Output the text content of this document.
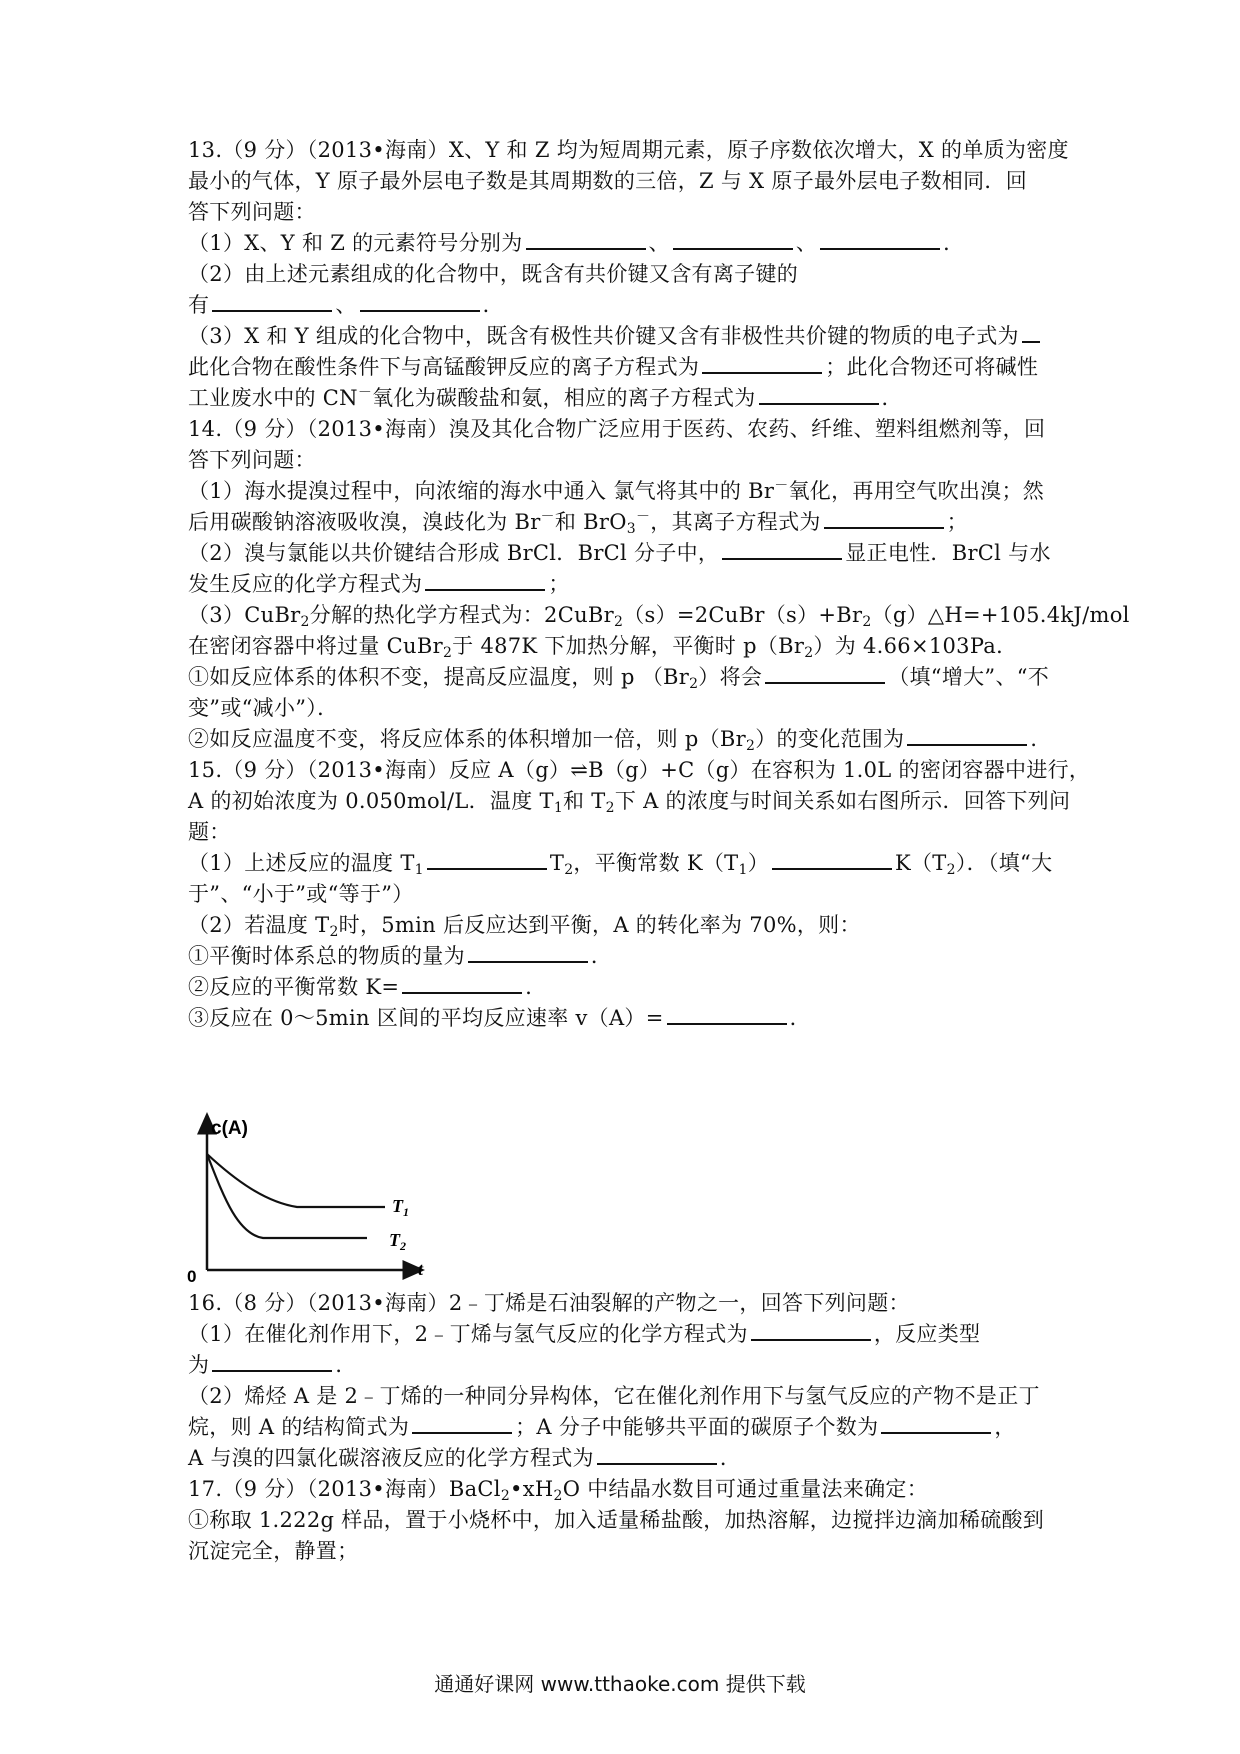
13.（9 分）（2013•海南）X、Y 和 Z 均为短周期元素，原子序数依次增大，X 的单质为密度
最小的气体，Y 原子最外层电子数是其周期数的三倍，Z 与 X 原子最外层电子数相同．回
答下列问题：
（1）X、Y 和 Z 的元素符号分别为	、	、	．
（2）由上述元素组成的化合物中，既含有共价键又含有离子键的
有	、	．
（3）X 和 Y 组成的化合物中，既含有极性共价键又含有非极性共价键的物质的电子式为
此化合物在酸性条件下与高锰酸钾反应的离子方程式为	；此化合物还可将碱性
工业废水中的 CN－氧化为碳酸盐和氨，相应的离子方程式为	．
14.（9 分）（2013•海南）溴及其化合物广泛应用于医药、农药、纤维、塑料组燃剂等，回
答下列问题：
（1）海水提溴过程中，向浓缩的海水中通入 氯气将其中的 Br－氧化，再用空气吹出溴；然
后用碳酸钠溶液吸收溴，溴歧化为 Br－和 BrO$_3$－，其离子方程式为	；
（2）溴与氯能以共价键结合形成 BrCl．BrCl 分子中，	显正电性．BrCl 与水
发生反应的化学方程式为	；
（3）CuBr$_2$分解的热化学方程式为：$2CuBr_2(s)=2CuBr(s)+Br_2(g)\triangle H=+105.4kJ$/mol
在密闭容器中将过量 CuBr$_2$于 487K 下加热分解，平衡时 $p(Br_2)$为 4.66×103Pa．
①如反应体系的体积不变，提高反应温度，则 p $(Br_2)$将会	（填“增大”、“不
变”或“减小”）．
②如反应温度不变，将反应体系的体积增加一倍，则 $p(Br_2)$的变化范围为	．
15.（9 分）（2013•海南）反应 A（g）⇌B（g）+C（g）在容积为 1.0L 的密闭容器中进行，
A 的初始浓度为 0.050mol/L．温度 $T_1$和 $T_2$下 A 的浓度与时间关系如右图所示．回答下列问
题：
（1）上述反应的温度 $T_1$	$T_2$，平衡常数 $K(T_1)$	$K(T_2)$．（填“大
于”、“小于”或“等于”）
（2）若温度 $T_2$时，5min 后反应达到平衡，A 的转化率为 70%，则：
①平衡时体系总的物质的量为	．
②反应的平衡常数 K=	．
③反应在 0～5min 区间的平均反应速率 v（A）=	．
c(A)
t
0
$T_1$
$T_2$
16.（8 分）（2013•海南）2﹣丁烯是石油裂解的产物之一，回答下列问题：
（1）在催化剂作用下，2﹣丁烯与氢气反应的化学方程式为	，反应类型
为	．
（2）烯烃 A 是 2﹣丁烯的一种同分异构体，它在催化剂作用下与氢气反应的产物不是正丁
烷，则 A 的结构简式为	；A 分子中能够共平面的碳原子个数为	，
A 与溴的四氯化碳溶液反应的化学方程式为	．
17.（9 分）（2013•海南）$BaCl_2•xH_2O$ 中结晶水数目可通过重量法来确定：
①称取 1.222g 样品，置于小烧杯中，加入适量稀盐酸，加热溶解，边搅拌边滴加稀硫酸到
沉淀完全，静置；
通通好课网 www.tthaoke.com 提供下载
